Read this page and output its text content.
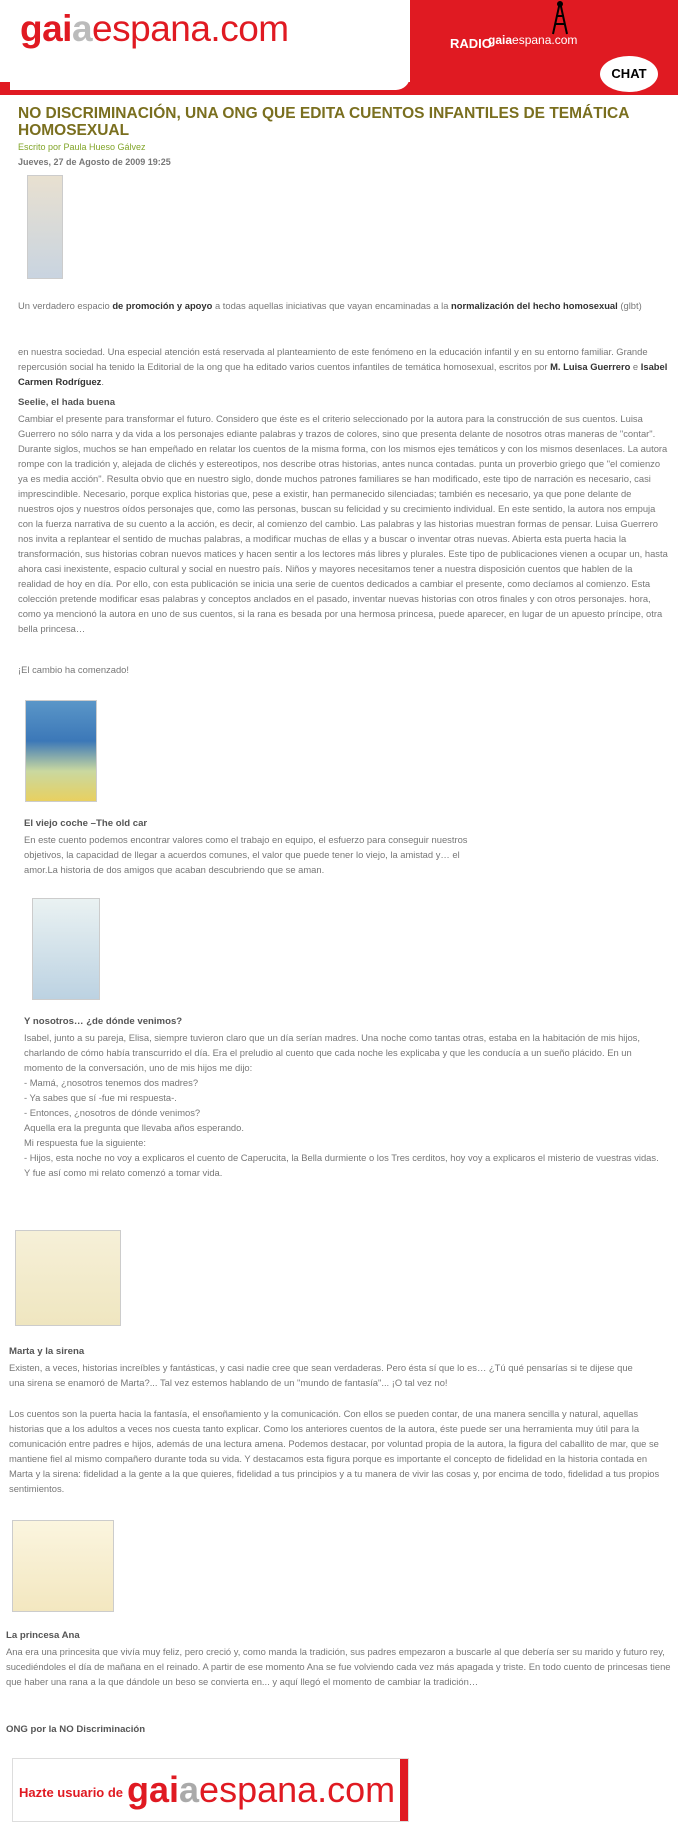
gaiaespana.com	RADIO
gaiaespana.com
CHAT
NO DISCRIMINACIÓN, UNA ONG QUE EDITA CUENTOS INFANTILES DE TEMÁTICA HOMOSEXUAL
Escrito por Paula Hueso Gálvez
Jueves, 27 de Agosto de 2009 19:25

Un verdadero espacio de promoción y apoyo a todas aquellas iniciativas que vayan encaminadas a la normalización del hecho homosexual (glbt)

en nuestra sociedad. Una especial atención está reservada al planteamiento de este fenómeno en la educación infantil y en su entorno familiar. Grande repercusión social ha tenido la Editorial de la ong que ha editado varios cuentos infantiles de temática homosexual, escritos por M. Luisa Guerrero e Isabel Carmen Rodríguez.

Seelie, el hada buena

Cambiar el presente para transformar el futuro. Considero que éste es el criterio seleccionado por la autora para la construcción de sus cuentos. Luisa Guerrero no sólo narra y da vida a los personajes ediante palabras y trazos de colores, sino que presenta delante de nosotros otras maneras de "contar". Durante siglos, muchos se han empeñado en relatar los cuentos de la misma forma, con los mismos ejes temáticos y con los mismos desenlaces. La autora rompe con la tradición y, alejada de clichés y estereotipos, nos describe otras historias, antes nunca contadas. punta un proverbio griego que "el comienzo ya es media acción". Resulta obvio que en nuestro siglo, donde muchos patrones familiares se han modificado, este tipo de narración es necesario, casi imprescindible. Necesario, porque explica historias que, pese a existir, han permanecido silenciadas; también es necesario, ya que pone delante de nuestros ojos y nuestros oídos personajes que, como las personas, buscan su felicidad y su crecimiento individual. En este sentido, la autora nos empuja con la fuerza narrativa de su cuento a la acción, es decir, al comienzo del cambio. Las palabras y las historias muestran formas de pensar. Luisa Guerrero nos invita a replantear el sentido de muchas palabras, a modificar muchas de ellas y a buscar o inventar otras nuevas. Abierta esta puerta hacia la transformación, sus historias cobran nuevos matices y hacen sentir a los lectores más libres y plurales. Este tipo de publicaciones vienen a ocupar un, hasta ahora casi inexistente, espacio cultural y social en nuestro país. Niños y mayores necesitamos tener a nuestra disposición cuentos que hablen de la realidad de hoy en día. Por ello, con esta publicación se inicia una serie de cuentos dedicados a cambiar el presente, como decíamos al comienzo. Esta colección pretende modificar esas palabras y conceptos anclados en el pasado, inventar nuevas historias con otros finales y con otros personajes. hora, como ya mencionó la autora en uno de sus cuentos, si la rana es besada por una hermosa princesa, puede aparecer, en lugar de un apuesto príncipe, otra bella princesa…

¡El cambio ha comenzado!

El viejo coche –The old car

En este cuento podemos encontrar valores como el trabajo en equipo, el esfuerzo para conseguir nuestros objetivos, la capacidad de llegar a acuerdos comunes, el valor que puede tener lo viejo, la amistad y… el amor.La historia de dos amigos que acaban descubriendo que se aman.

Y nosotros… ¿de dónde venimos?

Isabel, junto a su pareja, Elisa, siempre tuvieron claro que un día serían madres. Una noche como tantas otras, estaba en la habitación de mis hijos, charlando de cómo había transcurrido el día. Era el preludio al cuento que cada noche les explicaba y que les conducía a un sueño plácido. En un momento de la conversación, uno de mis hijos me dijo:

- Mamá, ¿nosotros tenemos dos madres?

- Ya sabes que sí -fue mi respuesta-.

- Entonces, ¿nosotros de dónde venimos?

Aquella era la pregunta que llevaba años esperando.

Mi respuesta fue la siguiente:

- Hijos, esta noche no voy a explicaros el cuento de Caperucita, la Bella durmiente o los Tres cerditos, hoy voy a explicaros el misterio de vuestras vidas.

Y fue así como mi relato comenzó a tomar vida.

Marta y la sirena

Existen, a veces, historias increíbles y fantásticas, y casi nadie cree que sean verdaderas. Pero ésta sí que lo es… ¿Tú qué pensarías si te dijese que una sirena se enamoró de Marta?... Tal vez estemos hablando de un "mundo de fantasía"... ¡O tal vez no!

Los cuentos son la puerta hacia la fantasía, el ensoñamiento y la comunicación. Con ellos se pueden contar, de una manera sencilla y natural, aquellas historias que a los adultos a veces nos cuesta tanto explicar. Como los anteriores cuentos de la autora, éste puede ser una herramienta muy útil para la comunicación entre padres e hijos, además de una lectura amena. Podemos destacar, por voluntad propia de la autora, la figura del caballito de mar, que se mantiene fiel al mismo compañero durante toda su vida. Y destacamos esta figura porque es importante el concepto de fidelidad en la historia contada en Marta y la sirena: fidelidad a la gente a la que quieres, fidelidad a tus principios y a tu manera de vivir las cosas y, por encima de todo, fidelidad a tus propios sentimientos.

La princesa Ana

Ana era una princesita que vivía muy feliz, pero creció y, como manda la tradición, sus padres empezaron a buscarle al que debería ser su marido y futuro rey, sucediéndoles el día de mañana en el reinado. A partir de ese momento Ana se fue volviendo cada vez más apagada y triste. En todo cuento de princesas tiene que haber una rana a la que dándole un beso se convierta en... y aquí llegó el momento de cambiar la tradición…

ONG por la NO Discriminación
Hazte usuario de gaiaespana.com
